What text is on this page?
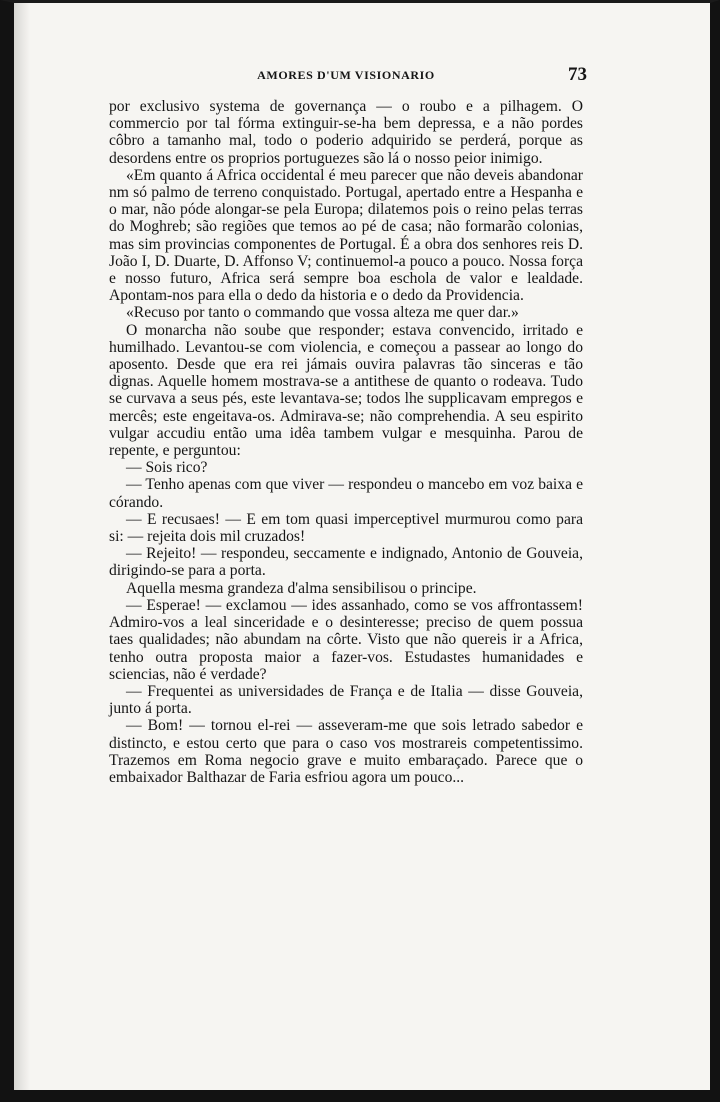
AMORES D'UM VISIONARIO	73

por exclusivo systema de governança — o roubo e a pilhagem. O commercio por tal fórma extinguir-se-ha bem depressa, e a não pordes côbro a tamanho mal, todo o poderio adquirido se perderá, porque as desordens entre os proprios portuguezes são lá o nosso peior inimigo.

«Em quanto á Africa occidental é meu parecer que não deveis abandonar nm só palmo de terreno conquistado. Portugal, apertado entre a Hespanha e o mar, não póde alongar-se pela Europa; dilatemos pois o reino pelas terras do Moghreb; são regiões que temos ao pé de casa; não formarão colonias, mas sim provincias componentes de Portugal. É a obra dos senhores reis D. João I, D. Duarte, D. Affonso V; continuemol-a pouco a pouco. Nossa força e nosso futuro, Africa será sempre boa eschola de valor e lealdade. Apontam-nos para ella o dedo da historia e o dedo da Providencia.

«Recuso por tanto o commando que vossa alteza me quer dar.»

O monarcha não soube que responder; estava convencido, irritado e humilhado. Levantou-se com violencia, e começou a passear ao longo do aposento. Desde que era rei jámais ouvira palavras tão sinceras e tão dignas. Aquelle homem mostrava-se a antithese de quanto o rodeava. Tudo se curvava a seus pés, este levantava-se; todos lhe supplicavam empregos e mercês; este engeitava-os. Admirava-se; não comprehendia. A seu espirito vulgar accudiu então uma idêa tambem vulgar e mesquinha. Parou de repente, e perguntou:

— Sois rico?

— Tenho apenas com que viver — respondeu o mancebo em voz baixa e córando.

— E recusaes! — E em tom quasi imperceptivel murmurou como para si: — rejeita dois mil cruzados!

— Rejeito! — respondeu, seccamente e indignado, Antonio de Gouveia, dirigindo-se para a porta.

Aquella mesma grandeza d'alma sensibilisou o principe.

— Esperae! — exclamou — ides assanhado, como se vos affrontassem! Admiro-vos a leal sinceridade e o desinteresse; preciso de quem possua taes qualidades; não abundam na côrte. Visto que não quereis ir a Africa, tenho outra proposta maior a fazer-vos. Estudastes humanidades e sciencias, não é verdade?

— Frequentei as universidades de França e de Italia — disse Gouveia, junto á porta.

— Bom! — tornou el-rei — asseveram-me que sois letrado sabedor e distincto, e estou certo que para o caso vos mostrareis competentissimo. Trazemos em Roma negocio grave e muito embaraçado. Parece que o embaixador Balthazar de Faria esfriou agora um pouco...
